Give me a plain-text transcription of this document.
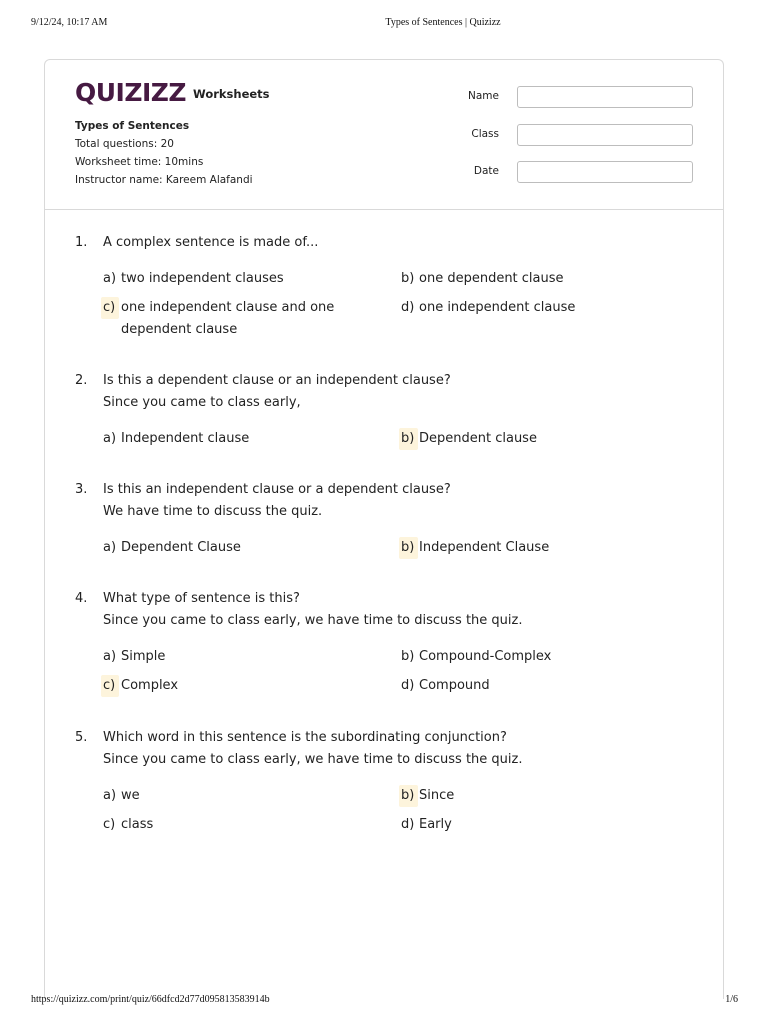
9/12/24, 10:17 AM	Types of Sentences | Quizizz
QUIZIZZ Worksheets
Types of Sentences
Total questions: 20
Worksheet time: 10mins
Instructor name: Kareem Alafandi
Name
Class
Date
1.	A complex sentence is made of...
a) two independent clauses	b) one dependent clause
c) one independent clause and one dependent clause
d) one independent clause
2.	Is this a dependent clause or an independent clause?
Since you came to class early,
a) Independent clause	b) Dependent clause
3.	Is this an independent clause or a dependent clause?
We have time to discuss the quiz.
a) Dependent Clause	b) Independent Clause
4.	What type of sentence is this?
Since you came to class early, we have time to discuss the quiz.
a) Simple	b) Compound-Complex
c) Complex	d) Compound
5.	Which word in this sentence is the subordinating conjunction?
Since you came to class early, we have time to discuss the quiz.
a) we	b) Since
c) class	d) Early
https://quizizz.com/print/quiz/66dfcd2d77d095813583914b	1/6
